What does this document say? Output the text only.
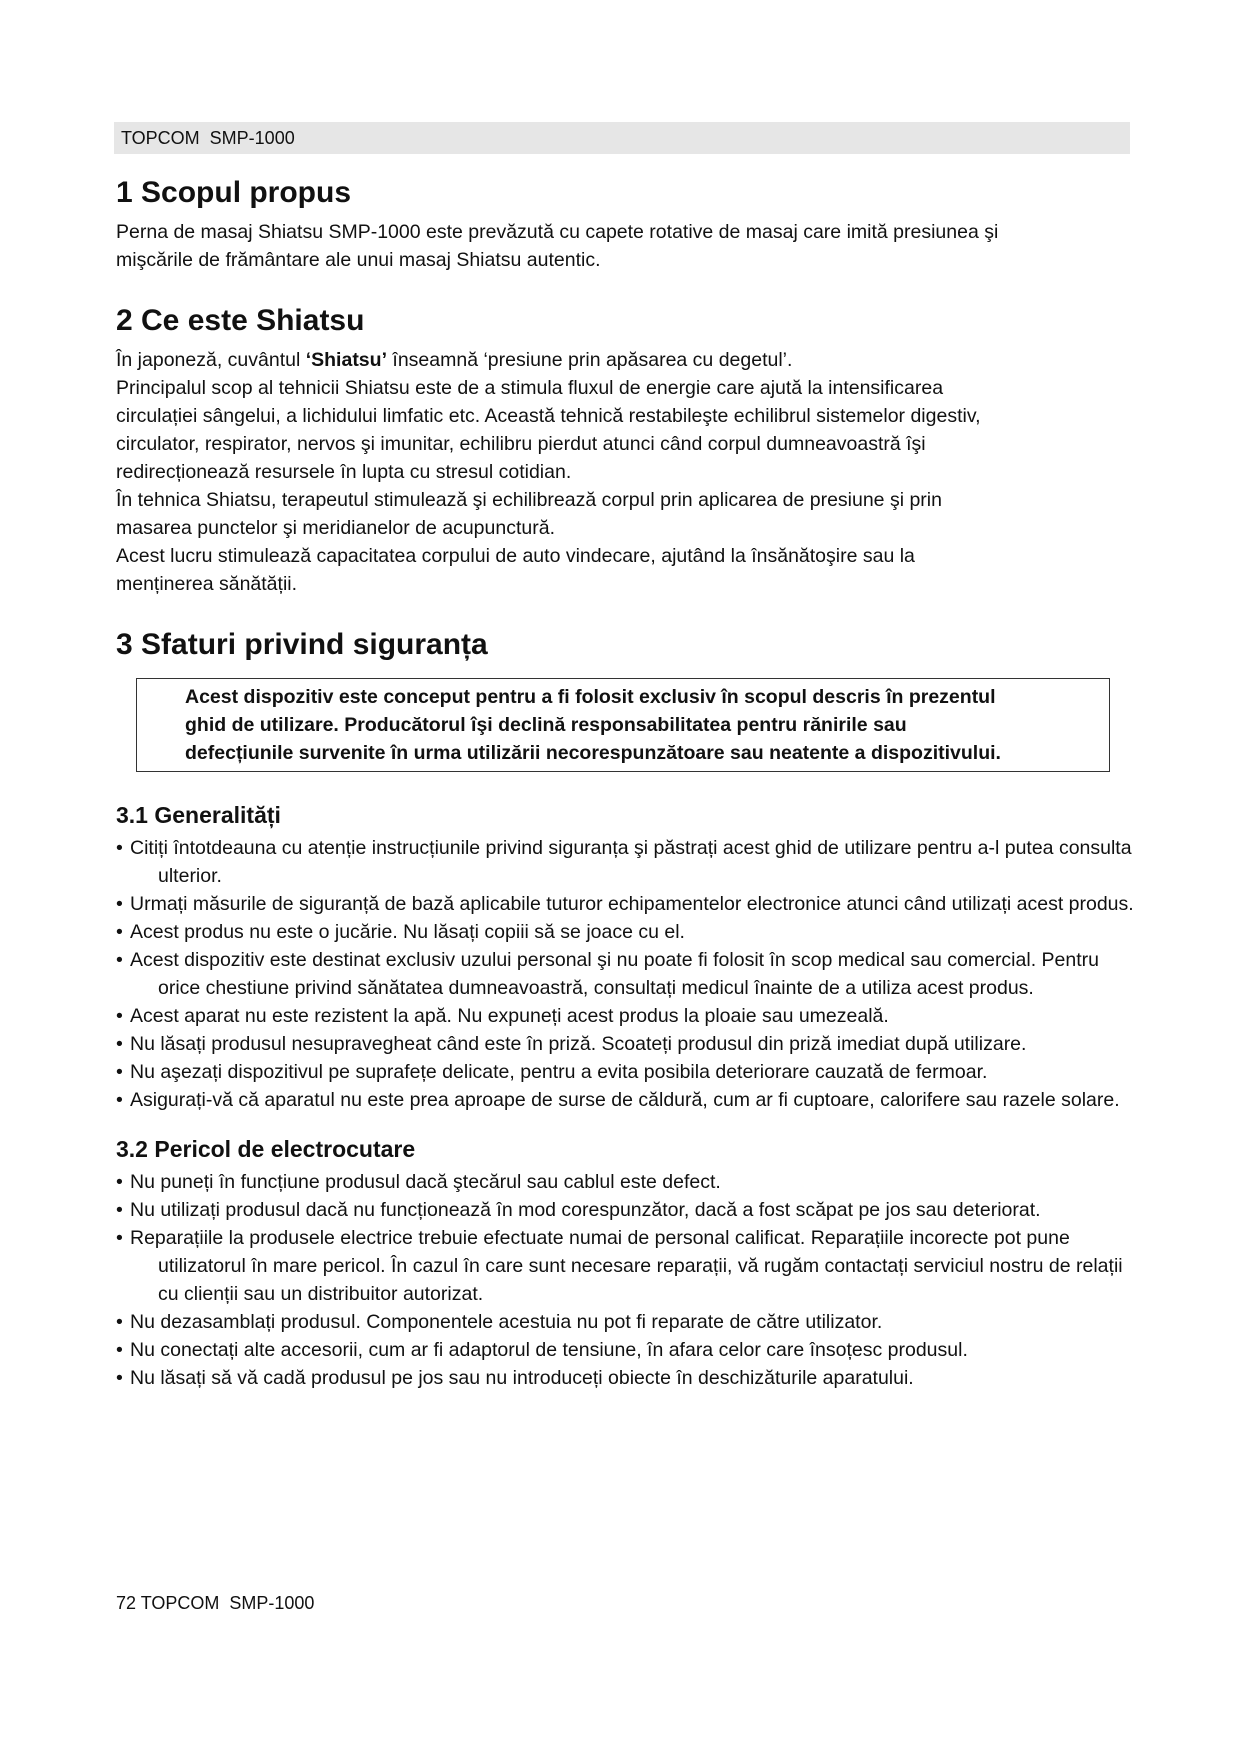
TOPCOM  SMP-1000
1 Scopul propus

Perna de masaj Shiatsu SMP-1000 este prevăzută cu capete rotative de masaj care imită presiunea şi

mişcările de frământare ale unui masaj Shiatsu autentic.

2 Ce este Shiatsu

În japoneză, cuvântul ‘Shiatsu’ înseamnă ‘presiune prin apăsarea cu degetul’.

Principalul scop al tehnicii Shiatsu este de a stimula fluxul de energie care ajută la intensificarea

circulației sângelui, a lichidului limfatic etc. Această tehnică restabileşte echilibrul sistemelor digestiv,

circulator, respirator, nervos şi imunitar, echilibru pierdut atunci când corpul dumneavoastră îşi

redirecționează resursele în lupta cu stresul cotidian.

În tehnica Shiatsu, terapeutul stimulează şi echilibrează corpul prin aplicarea de presiune şi prin

masarea punctelor şi meridianelor de acupunctură.

Acest lucru stimulează capacitatea corpului de auto vindecare, ajutând la însănătoşire sau la

menținerea sănătății.

3 Sfaturi privind siguranța
Acest dispozitiv este conceput pentru a fi folosit exclusiv în scopul descris în prezentul
ghid de utilizare. Producătorul îşi declină responsabilitatea pentru rănirile sau
defecțiunile survenite în urma utilizării necorespunzătoare sau neatente a dispozitivului.
3.1 Generalități
• Citiți întotdeauna cu atenție instrucțiunile privind siguranța şi păstrați acest ghid de utilizare pentru a-l putea consulta ulterior.
• Urmați măsurile de siguranță de bază aplicabile tuturor echipamentelor electronice atunci când utilizați acest produs.
• Acest produs nu este o jucărie. Nu lăsați copiii să se joace cu el.
• Acest dispozitiv este destinat exclusiv uzului personal şi nu poate fi folosit în scop medical sau comercial. Pentru orice chestiune privind sănătatea dumneavoastră, consultați medicul înainte de a utiliza acest produs.
• Acest aparat nu este rezistent la apă. Nu expuneți acest produs la ploaie sau umezeală.
• Nu lăsați produsul nesupravegheat când este în priză. Scoateți produsul din priză imediat după utilizare.
• Nu aşezați dispozitivul pe suprafețe delicate, pentru a evita posibila deteriorare cauzată de fermoar.
• Asigurați-vă că aparatul nu este prea aproape de surse de căldură, cum ar fi cuptoare, calorifere sau razele solare.
3.2 Pericol de electrocutare
• Nu puneți în funcțiune produsul dacă ştecărul sau cablul este defect.
• Nu utilizați produsul dacă nu funcționează în mod corespunzător, dacă a fost scăpat pe jos sau deteriorat.
• Reparațiile la produsele electrice trebuie efectuate numai de personal calificat. Reparațiile incorecte pot pune utilizatorul în mare pericol. În cazul în care sunt necesare reparații, vă rugăm contactați serviciul nostru de relații cu clienții sau un distribuitor autorizat.
• Nu dezasamblați produsul. Componentele acestuia nu pot fi reparate de către utilizator.
• Nu conectați alte accesorii, cum ar fi adaptorul de tensiune, în afara celor care însoțesc produsul.
• Nu lăsați să vă cadă produsul pe jos sau nu introduceți obiecte în deschizăturile aparatului.
72 TOPCOM  SMP-1000
